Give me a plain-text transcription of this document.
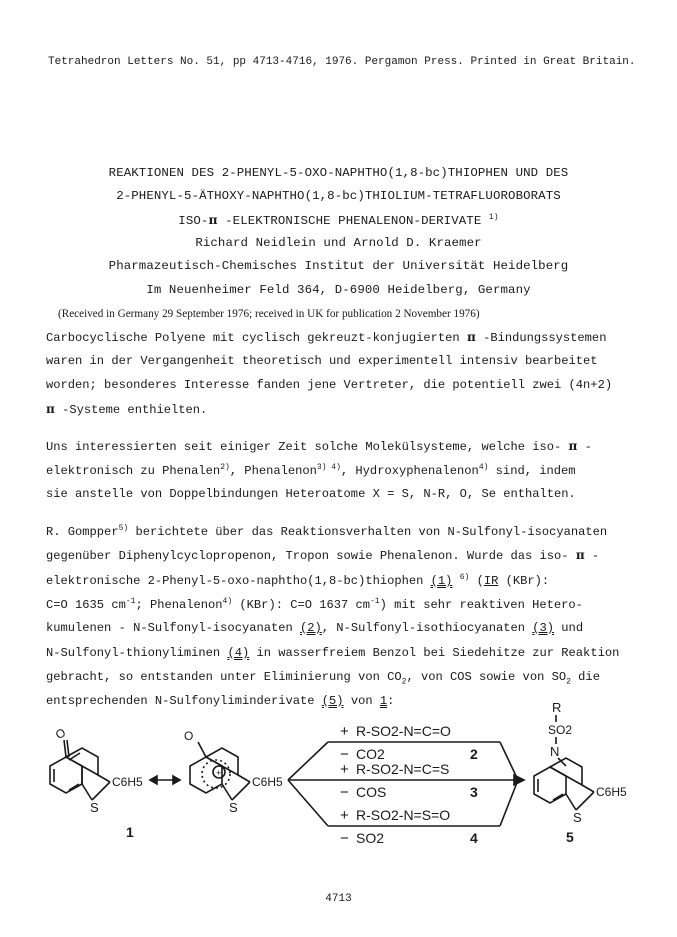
Tetrahedron Letters No. 51, pp 4713-4716, 1976. Pergamon Press. Printed in Great Britain.
REAKTIONEN DES 2-PHENYL-5-OXO-NAPHTHO(1,8-bc)THIOPHEN UND DES
2-PHENYL-5-ÄTHOXY-NAPHTHO(1,8-bc)THIOLIUM-TETRAFLUOROBORATS
ISO-π -ELEKTRONISCHE PHENALENON-DERIVATE $^{1)}$
Richard Neidlein und Arnold D. Kraemer
Pharmazeutisch-Chemisches Institut der Universität Heidelberg
Im Neuenheimer Feld 364, D-6900 Heidelberg, Germany
(Received in Germany 29 September 1976; received in UK for publication 2 November 1976)
Carbocyclische Polyene mit cyclisch gekreuzt-konjugierten π -Bindungssystemen
waren in der Vergangenheit theoretisch und experimentell intensiv bearbeitet
worden; besonderes Interesse fanden jene Vertreter, die potentiell zwei (4n+2)
π -Systeme enthielten.
Uns interessierten seit einiger Zeit solche Molekülsysteme, welche iso- π -
elektronisch zu Phenalen$^{2)}$, Phenalenon$^{3) 4)}$, Hydroxyphenalenon$^{4)}$ sind, indem
sie anstelle von Doppelbindungen Heteroatome X = S, N-R, O, Se enthalten.
R. Gompper$^{5)}$ berichtete über das Reaktionsverhalten von N-Sulfonyl-isocyanaten
gegenüber Diphenylcyclopropenon, Tropon sowie Phenalenon. Wurde das iso- π -
elektronische 2-Phenyl-5-oxo-naphtho(1,8-bc)thiophen (1) $^{6)}$ (IR (KBr):
C=O 1635 $cm^{-1}$; Phenalenon$^{4)}$ (KBr): C=O 1637 $cm^{-1}$) mit sehr reaktiven Hetero-
kumulenen - N-Sulfonyl-isocyanaten (2), N-Sulfonyl-isothiocyanaten (3) und
N-Sulfonyl-thionyliminen (4) in wasserfreiem Benzol bei Siedehitze zur Reaktion
gebracht, so entstanden unter Eliminierung von $CO_2$, von COS sowie von $SO_2$ die
entsprechenden N-Sulfonyliminderivate (5) von 1:
O
S
C6H5
1
+
O
S
C6H5
+ R-SO2-N=C=O
− CO2	2
+ R-SO2-N=C=S
− COS	3
+ R-SO2-N=S=O
− SO2	4
R
SO2
N
S
C6H5
5
4713
